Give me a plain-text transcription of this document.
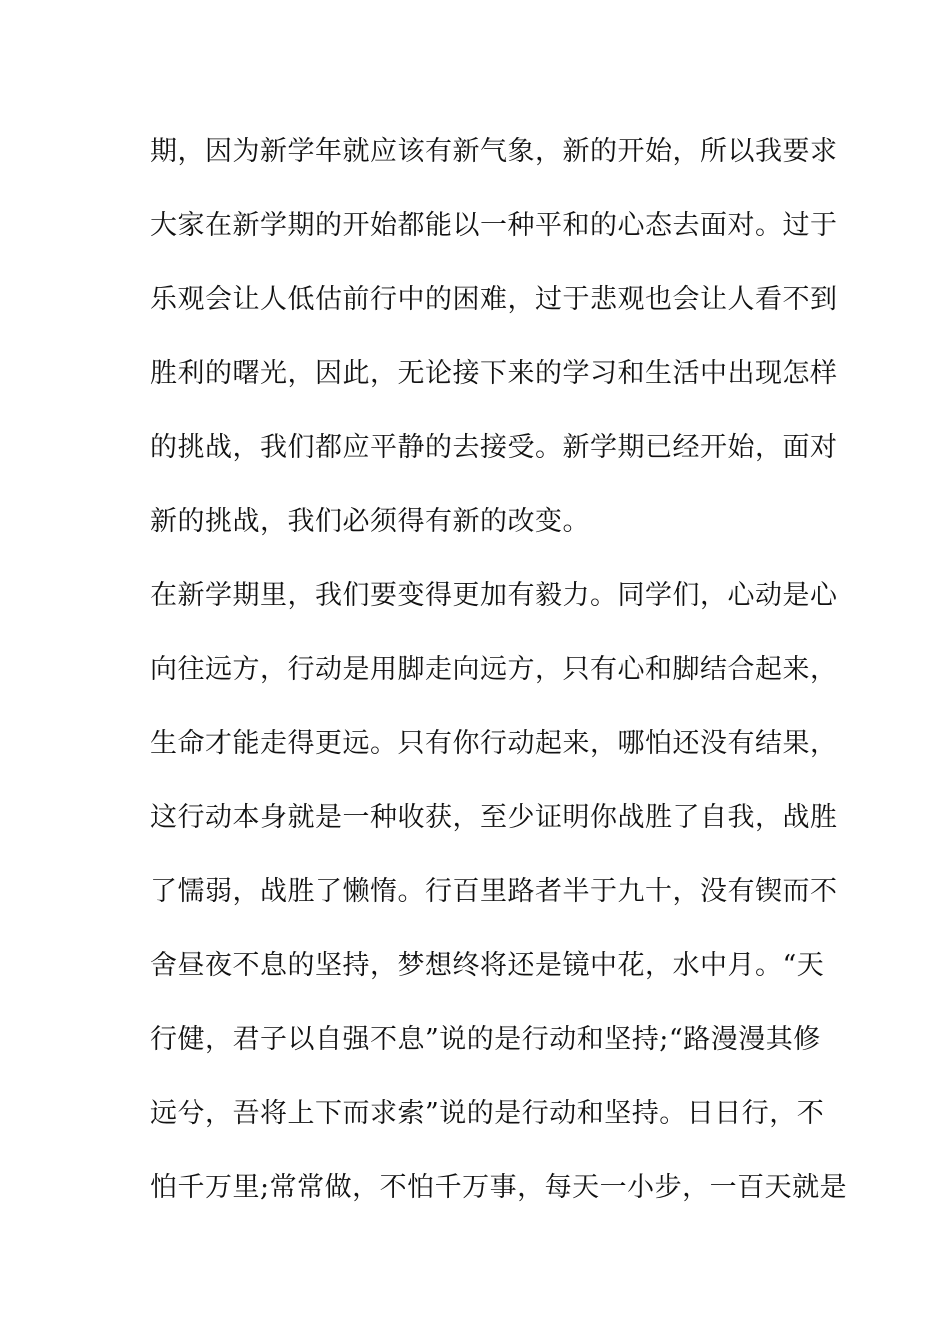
期，因为新学年就应该有新气象，新的开始，所以我要求
大家在新学期的开始都能以一种平和的心态去面对。过于
乐观会让人低估前行中的困难，过于悲观也会让人看不到
胜利的曙光，因此，无论接下来的学习和生活中出现怎样
的挑战，我们都应平静的去接受。新学期已经开始，面对
新的挑战，我们必须得有新的改变。
在新学期里，我们要变得更加有毅力。同学们，心动是心
向往远方，行动是用脚走向远方，只有心和脚结合起来，
生命才能走得更远。只有你行动起来，哪怕还没有结果，
这行动本身就是一种收获，至少证明你战胜了自我，战胜
了懦弱，战胜了懒惰。行百里路者半于九十，没有锲而不
舍昼夜不息的坚持，梦想终将还是镜中花，水中月。“天
行健，君子以自强不息”说的是行动和坚持;“路漫漫其修
远兮，吾将上下而求索”说的是行动和坚持。日日行，不
怕千万里;常常做，不怕千万事，每天一小步，一百天就是
